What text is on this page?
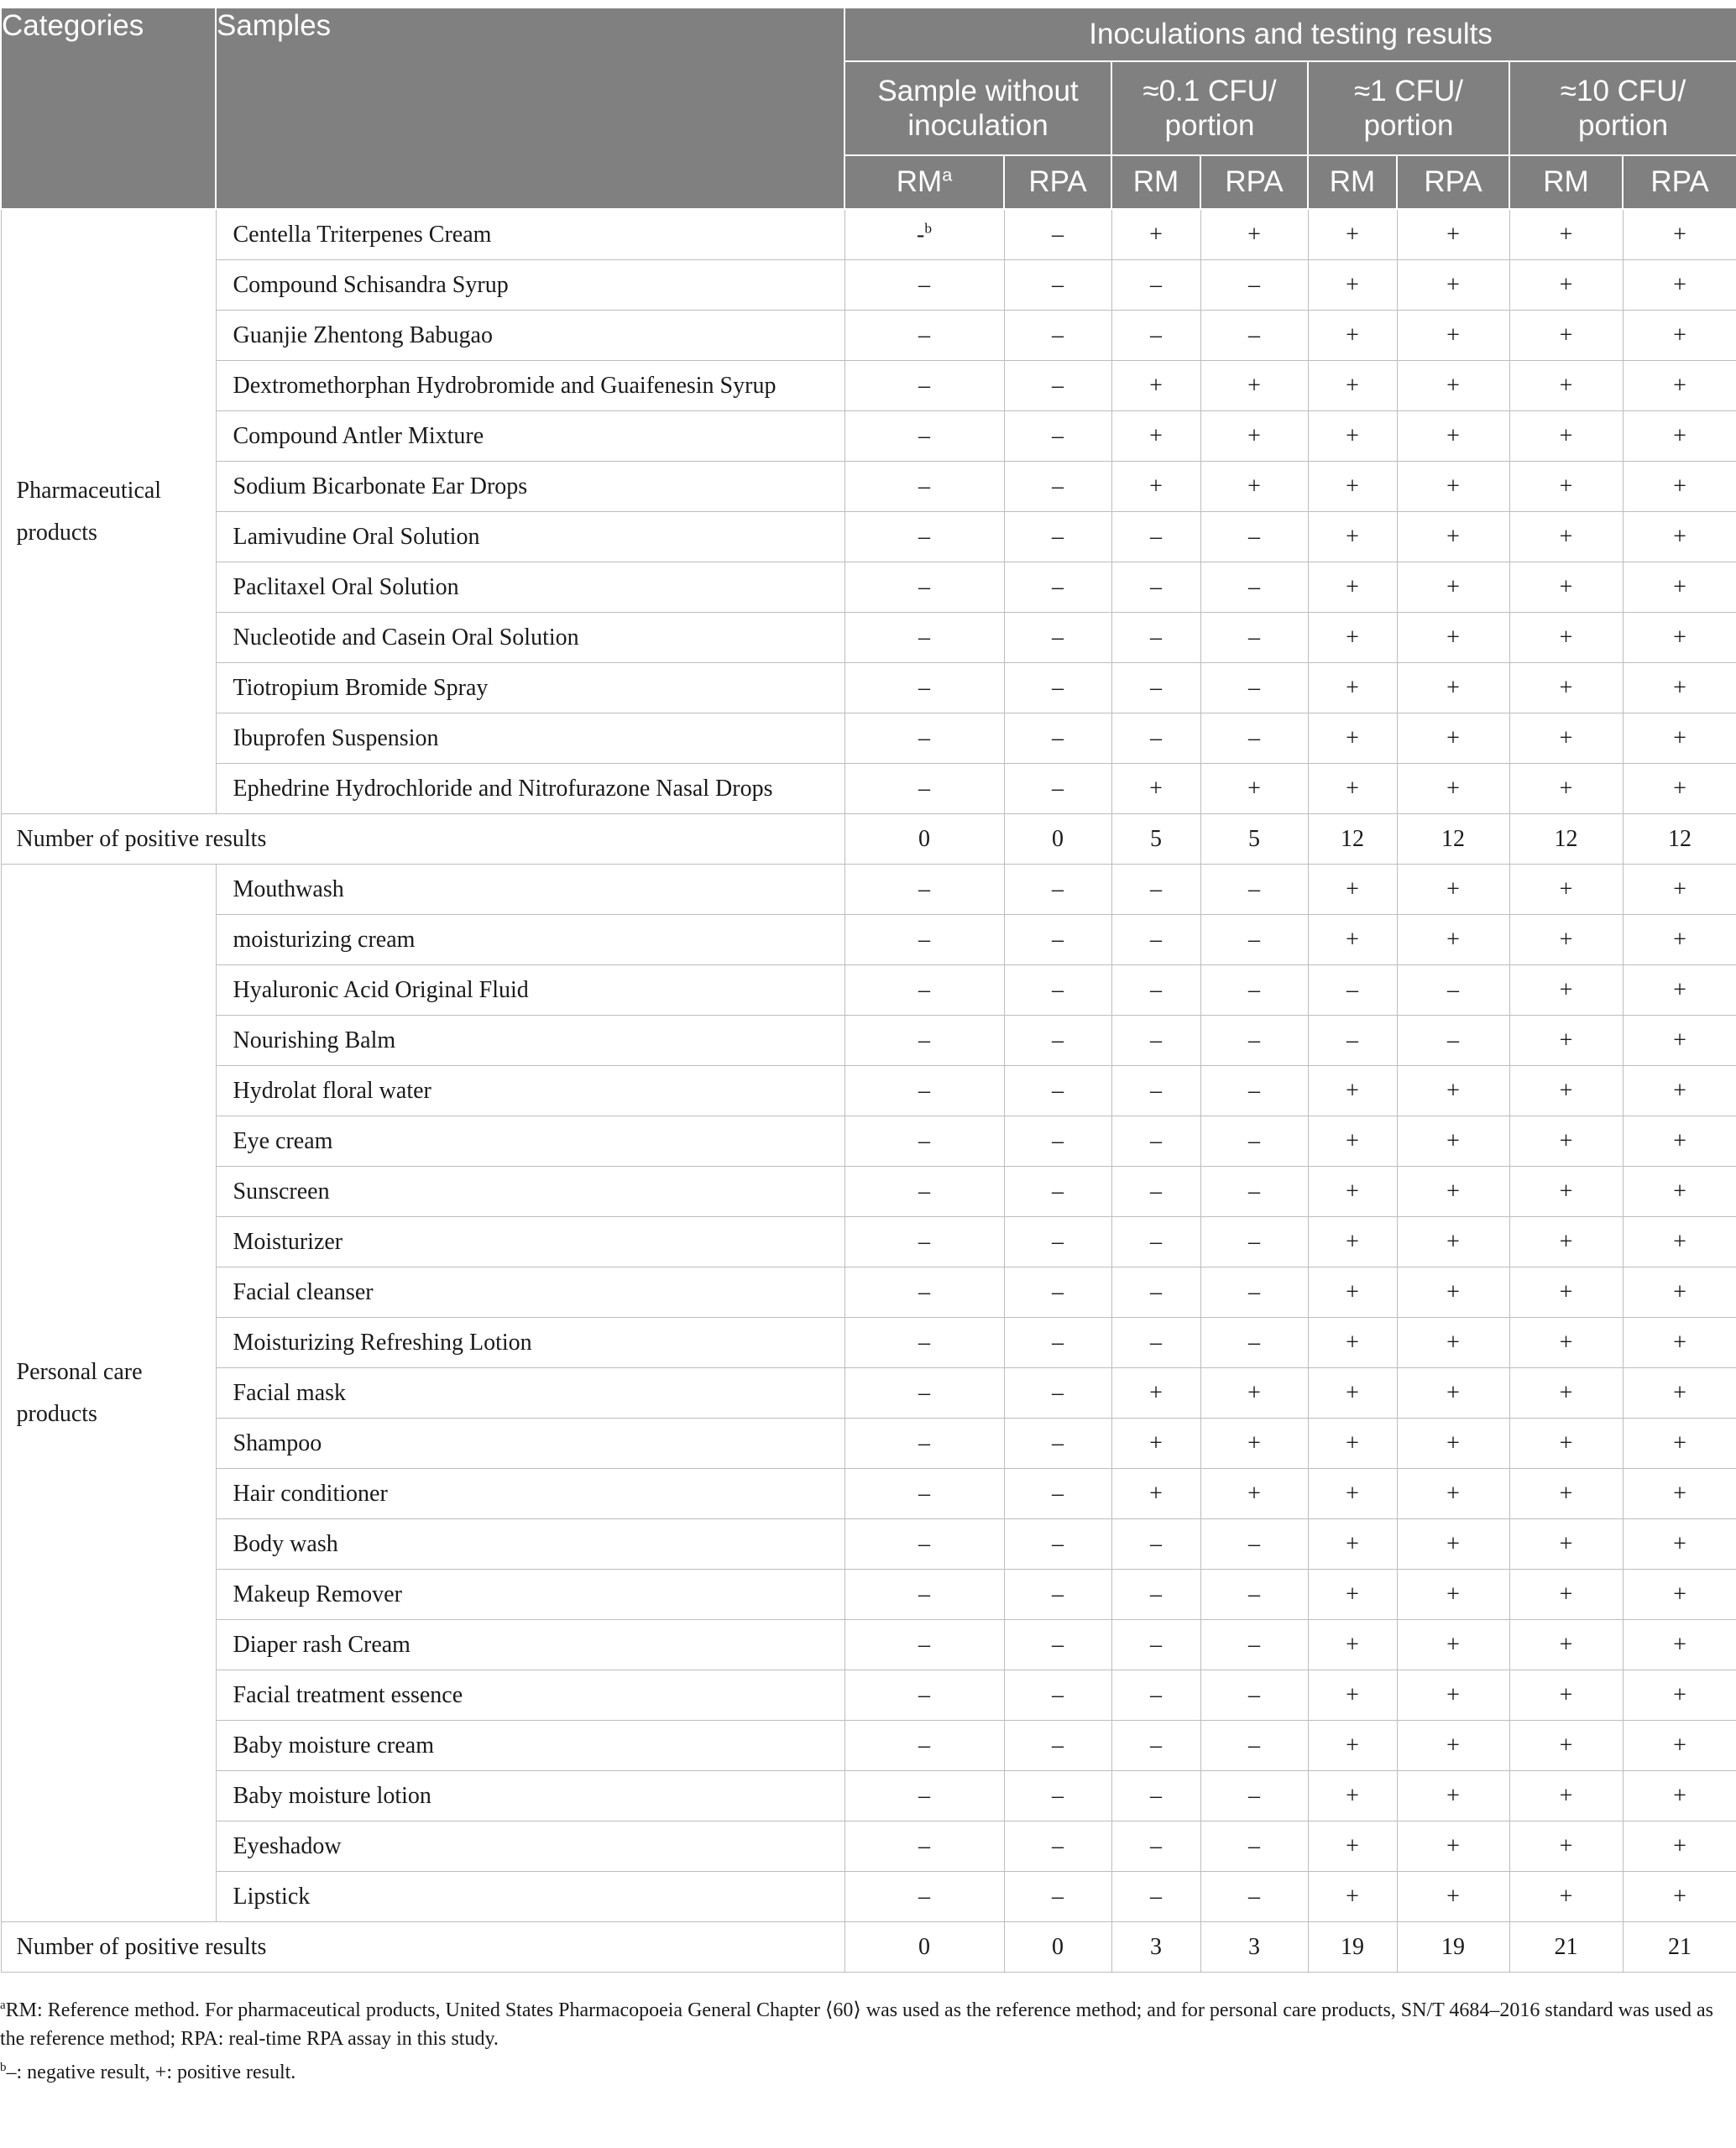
Categories	Samples	Inoculations and testing results							
		Sample without inoculation		≈0.1 CFU/ portion		≈1 CFU/ portion		≈10 CFU/ portion	
		$RM^a$	RPA	RM	RPA	RM	RPA	RM	RPA
Pharmaceutical products	Centella Triterpenes Cream	-$^b$	–	+	+	+	+	+	+
	Compound Schisandra Syrup	–	–	–	–	+	+	+	+
	Guanjie Zhentong Babugao	–	–	–	–	+	+	+	+
	Dextromethorphan Hydrobromide and Guaifenesin Syrup	–	–	+	+	+	+	+	+
	Compound Antler Mixture	–	–	+	+	+	+	+	+
	Sodium Bicarbonate Ear Drops	–	–	+	+	+	+	+	+
	Lamivudine Oral Solution	–	–	–	–	+	+	+	+
	Paclitaxel Oral Solution	–	–	–	–	+	+	+	+
	Nucleotide and Casein Oral Solution	–	–	–	–	+	+	+	+
	Tiotropium Bromide Spray	–	–	–	–	+	+	+	+
	Ibuprofen Suspension	–	–	–	–	+	+	+	+
	Ephedrine Hydrochloride and Nitrofurazone Nasal Drops	–	–	+	+	+	+	+	+
Number of positive results		0	0	5	5	12	12	12	12
Personal care products	Mouthwash	–	–	–	–	+	+	+	+
	moisturizing cream	–	–	–	–	+	+	+	+
	Hyaluronic Acid Original Fluid	–	–	–	–	–	–	+	+
	Nourishing Balm	–	–	–	–	–	–	+	+
	Hydrolat floral water	–	–	–	–	+	+	+	+
	Eye cream	–	–	–	–	+	+	+	+
	Sunscreen	–	–	–	–	+	+	+	+
	Moisturizer	–	–	–	–	+	+	+	+
	Facial cleanser	–	–	–	–	+	+	+	+
	Moisturizing Refreshing Lotion	–	–	–	–	+	+	+	+
	Facial mask	–	–	+	+	+	+	+	+
	Shampoo	–	–	+	+	+	+	+	+
	Hair conditioner	–	–	+	+	+	+	+	+
	Body wash	–	–	–	–	+	+	+	+
	Makeup Remover	–	–	–	–	+	+	+	+
	Diaper rash Cream	–	–	–	–	+	+	+	+
	Facial treatment essence	–	–	–	–	+	+	+	+
	Baby moisture cream	–	–	–	–	+	+	+	+
	Baby moisture lotion	–	–	–	–	+	+	+	+
	Eyeshadow	–	–	–	–	+	+	+	+
	Lipstick	–	–	–	–	+	+	+	+
Number of positive results		0	0	3	3	19	19	21	21

$^a$RM: Reference method. For pharmaceutical products, United States Pharmacopoeia General Chapter ⟨60⟩ was used as the reference method; and for personal care products, SN/T 4684–2016 standard was used as the reference method; RPA: real-time RPA assay in this study.

$^b$–: negative result, +: positive result.
